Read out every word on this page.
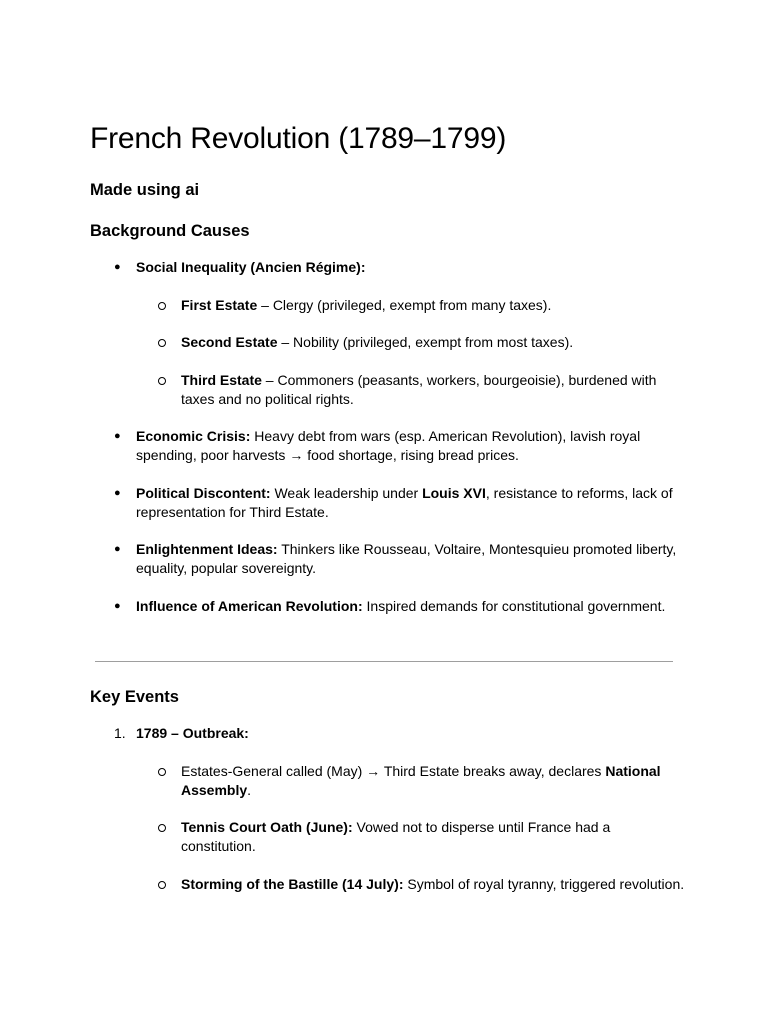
French Revolution (1789–1799)
Made using ai
Background Causes
● Social Inequality (Ancien Régime):
First Estate – Clergy (privileged, exempt from many taxes).
Second Estate – Nobility (privileged, exempt from most taxes).
Third Estate – Commoners (peasants, workers, bourgeoisie), burdened with taxes and no political rights.
● Economic Crisis: Heavy debt from wars (esp. American Revolution), lavish royal spending, poor harvests → food shortage, rising bread prices.
● Political Discontent: Weak leadership under Louis XVI, resistance to reforms, lack of representation for Third Estate.
● Enlightenment Ideas: Thinkers like Rousseau, Voltaire, Montesquieu promoted liberty, equality, popular sovereignty.
● Influence of American Revolution: Inspired demands for constitutional government.
Key Events
1. 1789 – Outbreak:
Estates-General called (May) → Third Estate breaks away, declares National Assembly.
Tennis Court Oath (June): Vowed not to disperse until France had a constitution.
Storming of the Bastille (14 July): Symbol of royal tyranny, triggered revolution.
